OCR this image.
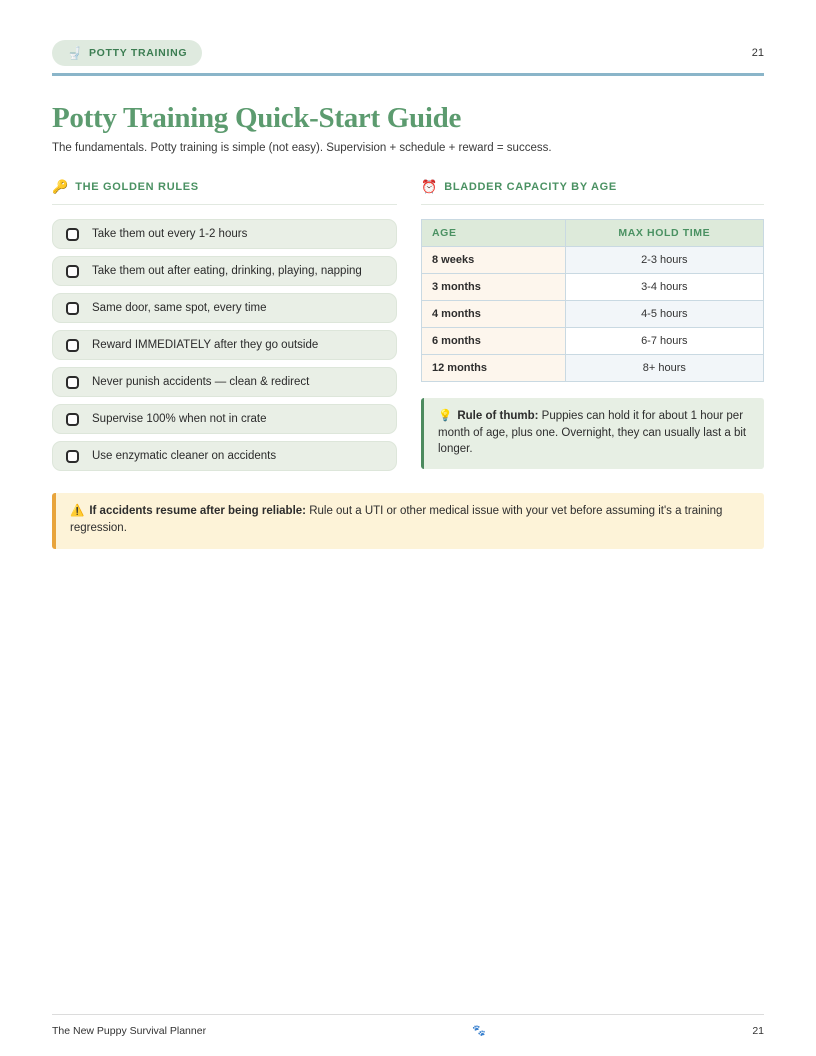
🚽 POTTY TRAINING	21
Potty Training Quick-Start Guide

The fundamentals. Potty training is simple (not easy). Supervision + schedule + reward = success.

🔑 THE GOLDEN RULES
Take them out every 1-2 hours
Take them out after eating, drinking, playing, napping
Same door, same spot, every time
Reward IMMEDIATELY after they go outside
Never punish accidents — clean & redirect
Supervise 100% when not in crate
Use enzymatic cleaner on accidents
⏰ BLADDER CAPACITY BY AGE
AGE	MAX HOLD TIME
8 weeks	2-3 hours
3 months	3-4 hours
4 months	4-5 hours
6 months	6-7 hours
12 months	8+ hours
💡 Rule of thumb: Puppies can hold it for about 1 hour per month of age, plus one. Overnight, they can usually last a bit longer.
⚠️ If accidents resume after being reliable: Rule out a UTI or other medical issue with your vet before assuming it's a training regression.
The New Puppy Survival Planner	🐾	21
